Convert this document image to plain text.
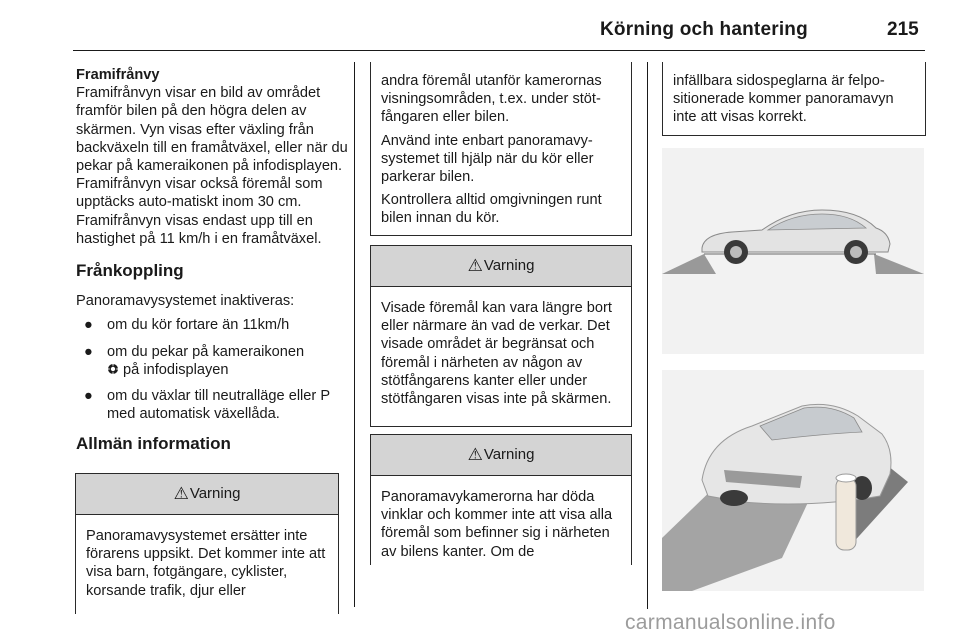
Körning och hantering	215

Framifrånvy

Framifrånvyn visar en bild av området framför bilen på den högra delen av skärmen. Vyn visas efter växling från backväxeln till en framåtväxel, eller när du pekar på kameraikonen på infodisplayen. Framifrånvyn visar också föremål som upptäcks auto-matiskt inom 30 cm. Framifrånvyn visas endast upp till en hastighet på 11 km/h i en framåtväxel.

Frånkoppling

Panoramavysystemet inaktiveras:

● om du kör fortare än 11km/h
● om du pekar på kameraikonen
på infodisplayen
● om du växlar till neutralläge eller P med automatisk växellåda.
Allmän information
⚠ Varning
Panoramavysystemet ersätter inte förarens uppsikt. Det kommer inte att visa barn, fotgängare, cyklister, korsande trafik, djur eller

andra föremål utanför kamerornas visningsområden, t.ex. under stöt-fångaren eller bilen.

Använd inte enbart panoramavy-systemet till hjälp när du kör eller parkerar bilen.

Kontrollera alltid omgivningen runt bilen innan du kör.

⚠ Varning
Visade föremål kan vara längre bort eller närmare än vad de verkar. Det visade området är begränsat och föremål i närheten av någon av stötfångarens kanter eller under stötfångaren visas inte på skärmen.
⚠ Varning
Panoramavykamerorna har döda vinklar och kommer inte att visa alla föremål som befinner sig i närheten av bilens kanter. Om de
infällbara sidospeglarna är felpo-sitionerade kommer panoramavyn inte att visas korrekt.
carmanualsonline.info
